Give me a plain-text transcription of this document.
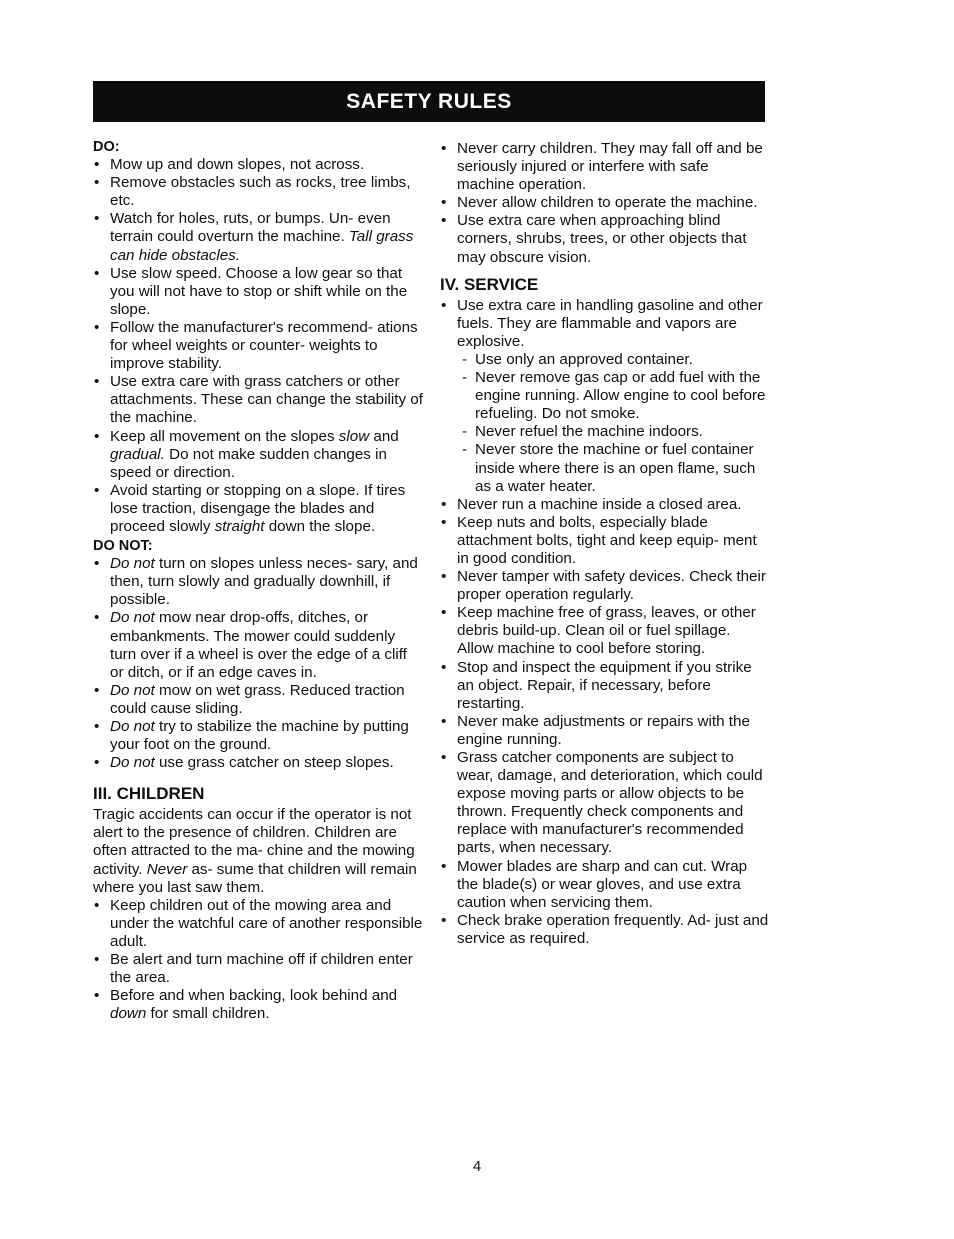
SAFETY RULES

DO:

• Mow up and down slopes, not across.
• Remove obstacles such as rocks, tree limbs, etc.
• Watch for holes, ruts, or bumps. Un- even terrain could overturn the machine. Tall grass can hide obstacles.
• Use slow speed. Choose a low gear so that you will not have to stop or shift while on the slope.
• Follow the manufacturer's recommend- ations for wheel weights or counter- weights to improve stability.
• Use extra care with grass catchers or other attachments. These can change the stability of the machine.
• Keep all movement on the slopes slow and gradual. Do not make sudden changes in speed or direction.
• Avoid starting or stopping on a slope. If tires lose traction, disengage the blades and proceed slowly straight down the slope.

DO NOT:

• Do not turn on slopes unless neces- sary, and then, turn slowly and gradually downhill, if possible.
• Do not mow near drop-offs, ditches, or embankments. The mower could suddenly turn over if a wheel is over the edge of a cliff or ditch, or if an edge caves in.
• Do not mow on wet grass. Reduced traction could cause sliding.
• Do not try to stabilize the machine by putting your foot on the ground.
• Do not use grass catcher on steep slopes.

III. CHILDREN

Tragic accidents can occur if the operator is not alert to the presence of children. Children are often attracted to the ma- chine and the mowing activity. Never as- sume that children will remain where you last saw them.

• Keep children out of the mowing area and under the watchful care of another responsible adult.
• Be alert and turn machine off if children enter the area.
• Before and when backing, look behind and down for small children.
• Never carry children. They may fall off and be seriously injured or interfere with safe machine operation.
• Never allow children to operate the machine.
• Use extra care when approaching blind corners, shrubs, trees, or other objects that may obscure vision.

IV. SERVICE

• Use extra care in handling gasoline and other fuels. They are flammable and vapors are explosive.
- Use only an approved container.
- Never remove gas cap or add fuel with the engine running. Allow engine to cool before refueling. Do not smoke.
- Never refuel the machine indoors.
- Never store the machine or fuel container inside where there is an open flame, such as a water heater.
• Never run a machine inside a closed area.
• Keep nuts and bolts, especially blade attachment bolts, tight and keep equip- ment in good condition.
• Never tamper with safety devices. Check their proper operation regularly.
• Keep machine free of grass, leaves, or other debris build-up. Clean oil or fuel spillage. Allow machine to cool before storing.
• Stop and inspect the equipment if you strike an object. Repair, if necessary, before restarting.
• Never make adjustments or repairs with the engine running.
• Grass catcher components are subject to wear, damage, and deterioration, which could expose moving parts or allow objects to be thrown. Frequently check components and replace with manufacturer's recommended parts, when necessary.
• Mower blades are sharp and can cut. Wrap the blade(s) or wear gloves, and use extra caution when servicing them.
• Check brake operation frequently. Ad- just and service as required.
4
